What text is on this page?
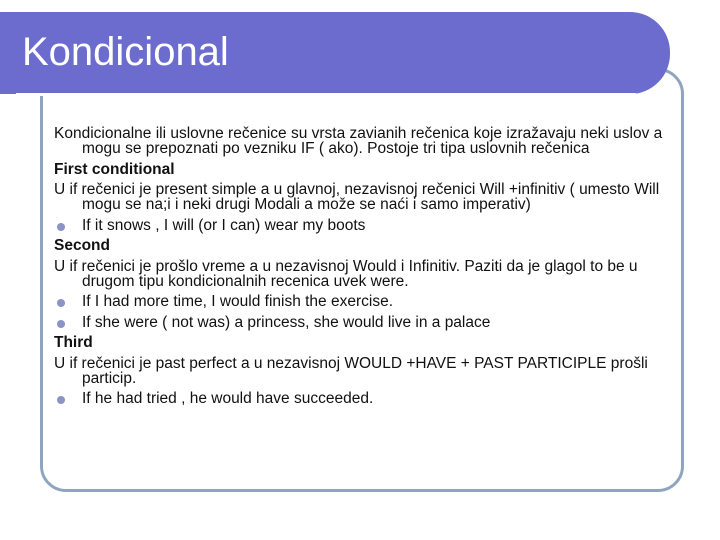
Kondicional

Kondicionalne ili uslovne rečenice su vrsta zavianih rečenica koje izražavaju neki uslov a mogu se prepoznati po vezniku IF ( ako). Postoje tri tipa uslovnih rečenica

First conditional

U if rečenici je present simple a u glavnoj, nezavisnoj rečenici Will +infinitiv ( umesto Will mogu se na;i i neki drugi Modali a može se naći i samo imperativ)

If it snows , I will (or I can) wear my boots

Second

U if rečenici je prošlo vreme a u nezavisnoj Would i Infinitiv. Paziti da je glagol to be u drugom tipu kondicionalnih recenica uvek were.

If I had more time, I would finish the exercise.

If she were ( not was) a princess, she would live in a palace

Third

U if rečenici je past perfect a u nezavisnoj WOULD +HAVE + PAST PARTICIPLE prošli particip.

If he had tried , he would have succeeded.
